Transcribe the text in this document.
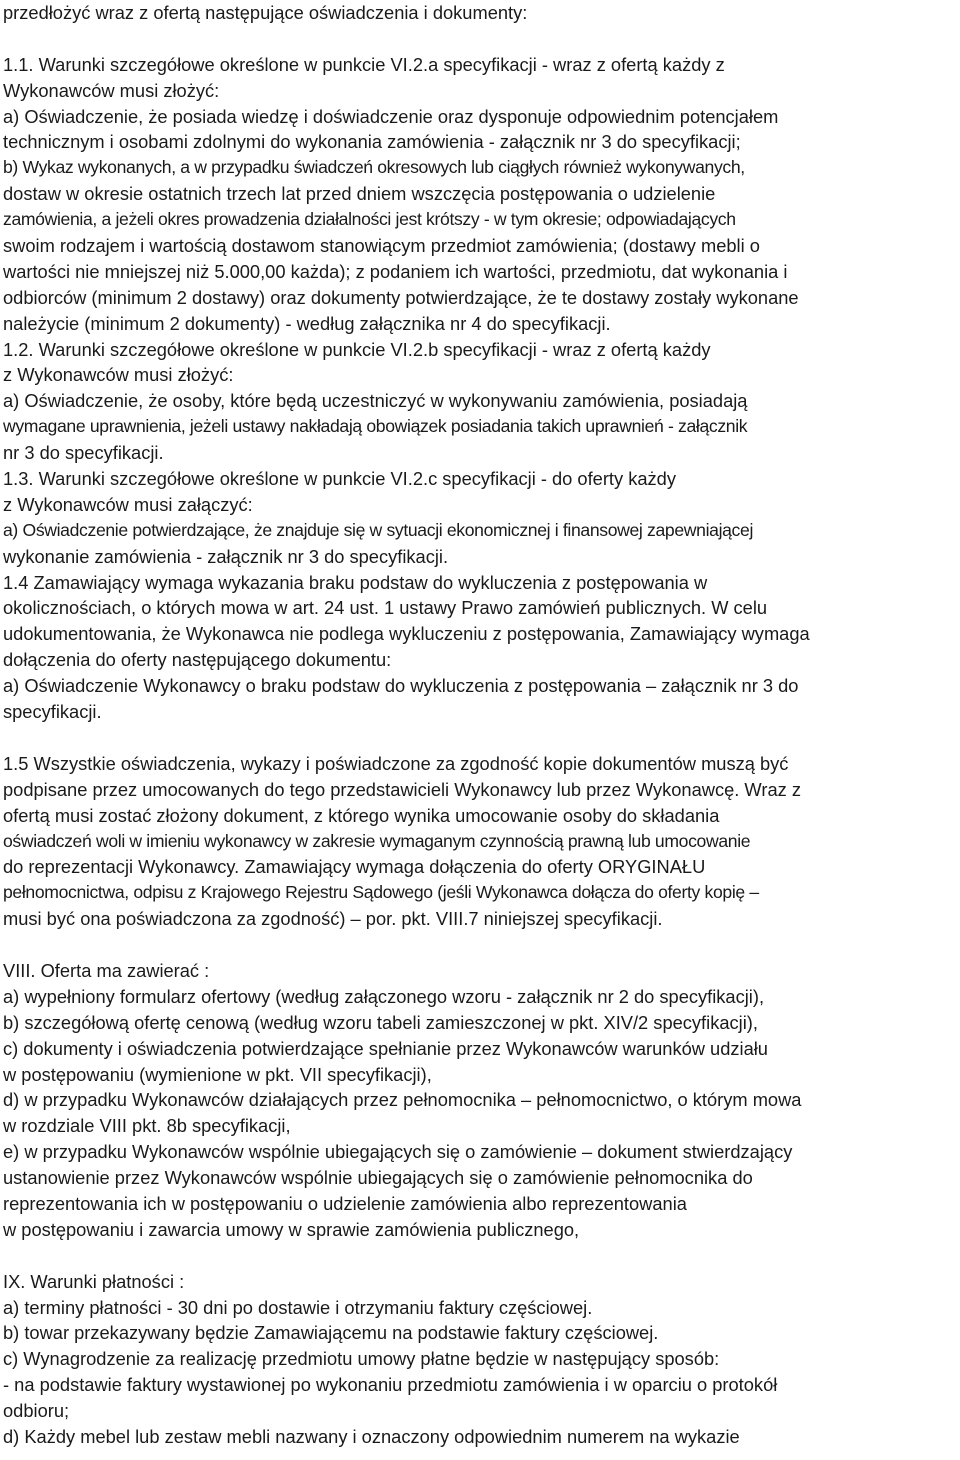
przedłożyć wraz z ofertą następujące oświadczenia i dokumenty:
1.1. Warunki szczegółowe określone w punkcie VI.2.a specyfikacji - wraz z ofertą każdy z
Wykonawców musi złożyć:
a) Oświadczenie, że posiada wiedzę i doświadczenie oraz dysponuje odpowiednim potencjałem
technicznym i osobami zdolnymi do wykonania zamówienia - załącznik nr 3 do specyfikacji;
b) Wykaz wykonanych, a w przypadku świadczeń okresowych lub ciągłych również wykonywanych,
dostaw w okresie ostatnich trzech lat przed dniem wszczęcia postępowania o udzielenie
zamówienia, a jeżeli okres prowadzenia działalności jest krótszy - w tym okresie; odpowiadających
swoim rodzajem i wartością dostawom stanowiącym przedmiot zamówienia; (dostawy mebli o
wartości nie mniejszej niż 5.000,00 każda); z podaniem ich wartości, przedmiotu, dat wykonania i
odbiorców (minimum 2 dostawy) oraz dokumenty potwierdzające, że te dostawy zostały wykonane
należycie (minimum 2 dokumenty) - według załącznika nr 4 do specyfikacji.
1.2. Warunki szczegółowe określone w punkcie VI.2.b specyfikacji - wraz z ofertą każdy
z Wykonawców musi złożyć:
a) Oświadczenie, że osoby, które będą uczestniczyć w wykonywaniu zamówienia, posiadają
wymagane uprawnienia, jeżeli ustawy nakładają obowiązek posiadania takich uprawnień - załącznik
nr 3 do specyfikacji.
1.3. Warunki szczegółowe określone w punkcie VI.2.c specyfikacji - do oferty każdy
z Wykonawców musi załączyć:
a) Oświadczenie potwierdzające, że znajduje się w sytuacji ekonomicznej i finansowej zapewniającej
wykonanie zamówienia - załącznik nr 3 do specyfikacji.
1.4 Zamawiający wymaga wykazania braku podstaw do wykluczenia z postępowania w
okolicznościach, o których mowa w art. 24 ust. 1 ustawy Prawo zamówień publicznych. W celu
udokumentowania, że Wykonawca nie podlega wykluczeniu z postępowania, Zamawiający wymaga
dołączenia do oferty następującego dokumentu:
a) Oświadczenie Wykonawcy o braku podstaw do wykluczenia z postępowania – załącznik nr 3 do
specyfikacji.
1.5 Wszystkie oświadczenia, wykazy i poświadczone za zgodność kopie dokumentów muszą być
podpisane przez umocowanych do tego przedstawicieli Wykonawcy lub przez Wykonawcę. Wraz z
ofertą musi zostać złożony dokument, z którego wynika umocowanie osoby do składania
oświadczeń woli w imieniu wykonawcy w zakresie wymaganym czynnością prawną lub umocowanie
do reprezentacji Wykonawcy. Zamawiający wymaga dołączenia do oferty ORYGINAŁU
pełnomocnictwa, odpisu z Krajowego Rejestru Sądowego (jeśli Wykonawca dołącza do oferty kopię –
musi być ona poświadczona za zgodność) – por. pkt. VIII.7 niniejszej specyfikacji.
VIII. Oferta ma zawierać :
a) wypełniony formularz ofertowy (według załączonego wzoru - załącznik nr 2 do specyfikacji),
b) szczegółową ofertę cenową (według wzoru tabeli zamieszczonej w pkt. XIV/2 specyfikacji),
c) dokumenty i oświadczenia potwierdzające spełnianie przez Wykonawców warunków udziału
w postępowaniu (wymienione w pkt. VII specyfikacji),
d) w przypadku Wykonawców działających przez pełnomocnika – pełnomocnictwo, o którym mowa
w rozdziale VIII pkt. 8b specyfikacji,
e) w przypadku Wykonawców wspólnie ubiegających się o zamówienie – dokument stwierdzający
ustanowienie przez Wykonawców wspólnie ubiegających się o zamówienie pełnomocnika do
reprezentowania ich w postępowaniu o udzielenie zamówienia albo reprezentowania
w postępowaniu i zawarcia umowy w sprawie zamówienia publicznego,
IX. Warunki płatności :
a) terminy płatności - 30 dni po dostawie i otrzymaniu faktury częściowej.
b) towar przekazywany będzie Zamawiającemu na podstawie faktury częściowej.
c) Wynagrodzenie za realizację przedmiotu umowy płatne będzie w następujący sposób:
- na podstawie faktury wystawionej po wykonaniu przedmiotu zamówienia i w oparciu o protokół
odbioru;
d) Każdy mebel lub zestaw mebli nazwany i oznaczony odpowiednim numerem na wykazie
